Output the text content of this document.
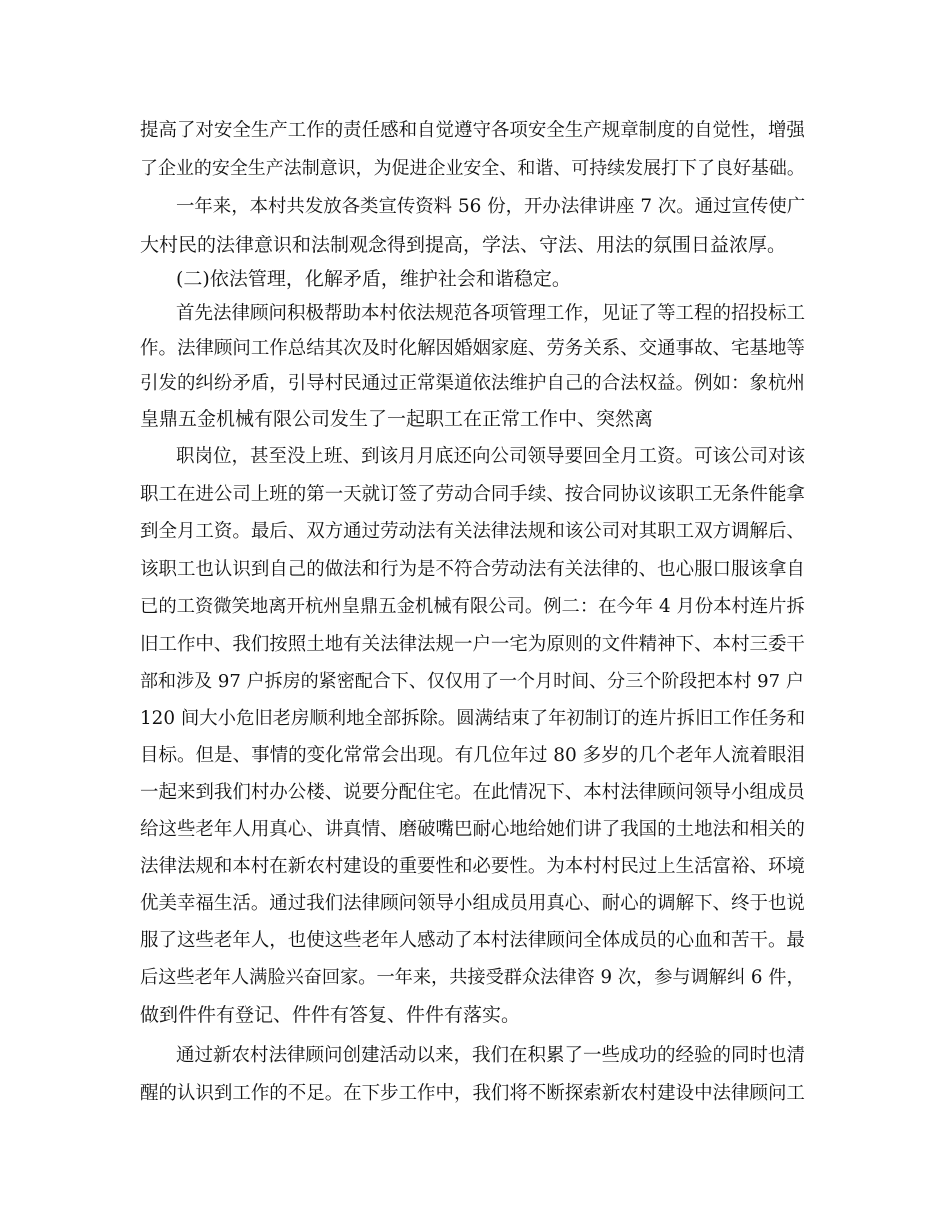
提高了对安全生产工作的责任感和自觉遵守各项安全生产规章制度的自觉性，增强
了企业的安全生产法制意识，为促进企业安全、和谐、可持续发展打下了良好基础。
一年来，本村共发放各类宣传资料 56 份，开办法律讲座 7 次。通过宣传使广
大村民的法律意识和法制观念得到提高，学法、守法、用法的氛围日益浓厚。
(二)依法管理，化解矛盾，维护社会和谐稳定。
首先法律顾问积极帮助本村依法规范各项管理工作，见证了等工程的招投标工
作。法律顾问工作总结其次及时化解因婚姻家庭、劳务关系、交通事故、宅基地等
引发的纠纷矛盾，引导村民通过正常渠道依法维护自己的合法权益。例如：象杭州
皇鼎五金机械有限公司发生了一起职工在正常工作中、突然离
职岗位，甚至没上班、到该月月底还向公司领导要回全月工资。可该公司对该
职工在进公司上班的第一天就订签了劳动合同手续、按合同协议该职工无条件能拿
到全月工资。最后、双方通过劳动法有关法律法规和该公司对其职工双方调解后、
该职工也认识到自己的做法和行为是不符合劳动法有关法律的、也心服口服该拿自
已的工资微笑地离开杭州皇鼎五金机械有限公司。例二：在今年 4 月份本村连片拆
旧工作中、我们按照土地有关法律法规一户一宅为原则的文件精神下、本村三委干
部和涉及 97 户拆房的紧密配合下、仅仅用了一个月时间、分三个阶段把本村 97 户
120 间大小危旧老房顺利地全部拆除。圆满结束了年初制订的连片拆旧工作任务和
目标。但是、事情的变化常常会出现。有几位年过 80 多岁的几个老年人流着眼泪
一起来到我们村办公楼、说要分配住宅。在此情况下、本村法律顾问领导小组成员
给这些老年人用真心、讲真情、磨破嘴巴耐心地给她们讲了我国的土地法和相关的
法律法规和本村在新农村建设的重要性和必要性。为本村村民过上生活富裕、环境
优美幸福生活。通过我们法律顾问领导小组成员用真心、耐心的调解下、终于也说
服了这些老年人，也使这些老年人感动了本村法律顾问全体成员的心血和苦干。最
后这些老年人满脸兴奋回家。一年来，共接受群众法律咨 9 次，参与调解纠 6 件，
做到件件有登记、件件有答复、件件有落实。
通过新农村法律顾问创建活动以来，我们在积累了一些成功的经验的同时也清
醒的认识到工作的不足。在下步工作中，我们将不断探索新农村建设中法律顾问工
